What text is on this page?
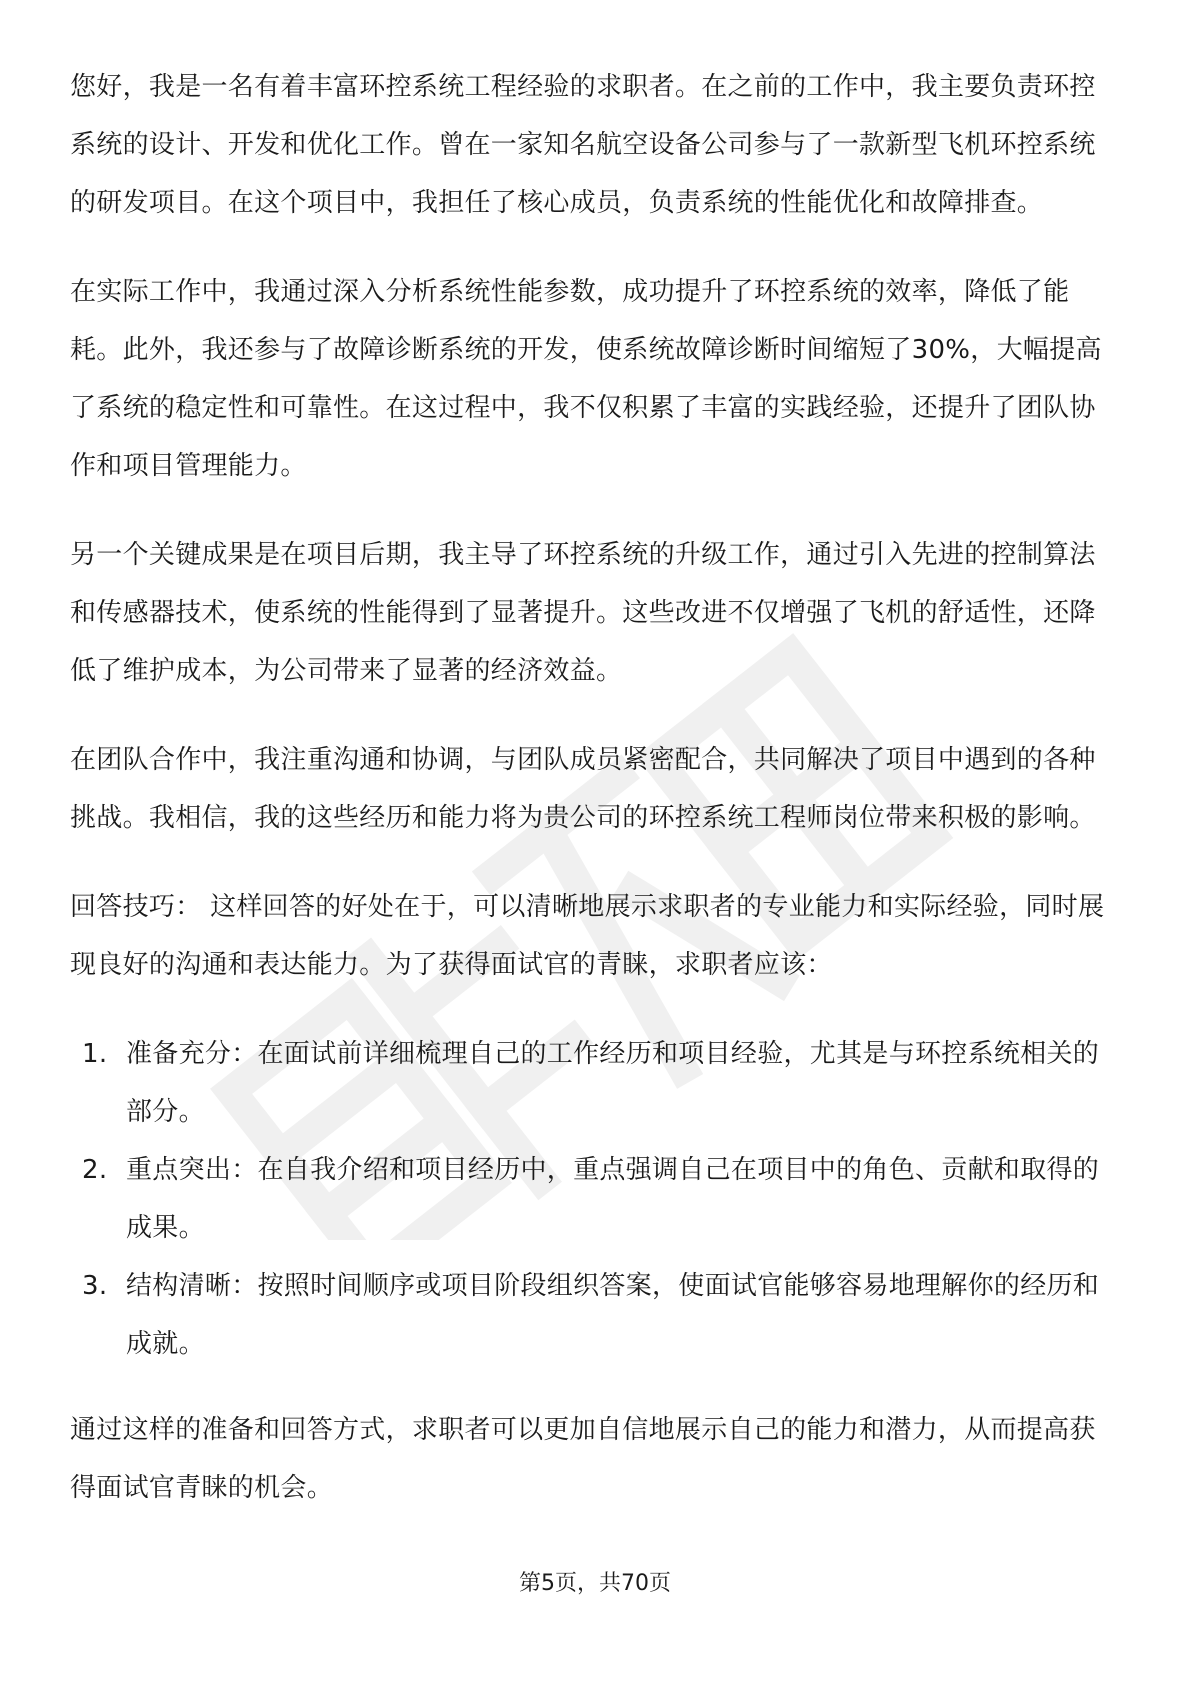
您好，我是一名有着丰富环控系统工程经验的求职者。在之前的工作中，我主要负责环控系统的设计、开发和优化工作。曾在一家知名航空设备公司参与了一款新型飞机环控系统的研发项目。在这个项目中，我担任了核心成员，负责系统的性能优化和故障排查。

在实际工作中，我通过深入分析系统性能参数，成功提升了环控系统的效率，降低了能耗。此外，我还参与了故障诊断系统的开发，使系统故障诊断时间缩短了30%，大幅提高了系统的稳定性和可靠性。在这过程中，我不仅积累了丰富的实践经验，还提升了团队协作和项目管理能力。

另一个关键成果是在项目后期，我主导了环控系统的升级工作，通过引入先进的控制算法和传感器技术，使系统的性能得到了显著提升。这些改进不仅增强了飞机的舒适性，还降低了维护成本，为公司带来了显著的经济效益。

在团队合作中，我注重沟通和协调，与团队成员紧密配合，共同解决了项目中遇到的各种挑战。我相信，我的这些经历和能力将为贵公司的环控系统工程师岗位带来积极的影响。

回答技巧： 这样回答的好处在于，可以清晰地展示求职者的专业能力和实际经验，同时展现良好的沟通和表达能力。为了获得面试官的青睐，求职者应该：

1. 准备充分：在面试前详细梳理自己的工作经历和项目经验，尤其是与环控系统相关的部分。
2. 重点突出：在自我介绍和项目经历中，重点强调自己在项目中的角色、贡献和取得的成果。
3. 结构清晰：按照时间顺序或项目阶段组织答案，使面试官能够容易地理解你的经历和成就。

通过这样的准备和回答方式，求职者可以更加自信地展示自己的能力和潜力，从而提高获得面试官青睐的机会。

第5页，共70页
